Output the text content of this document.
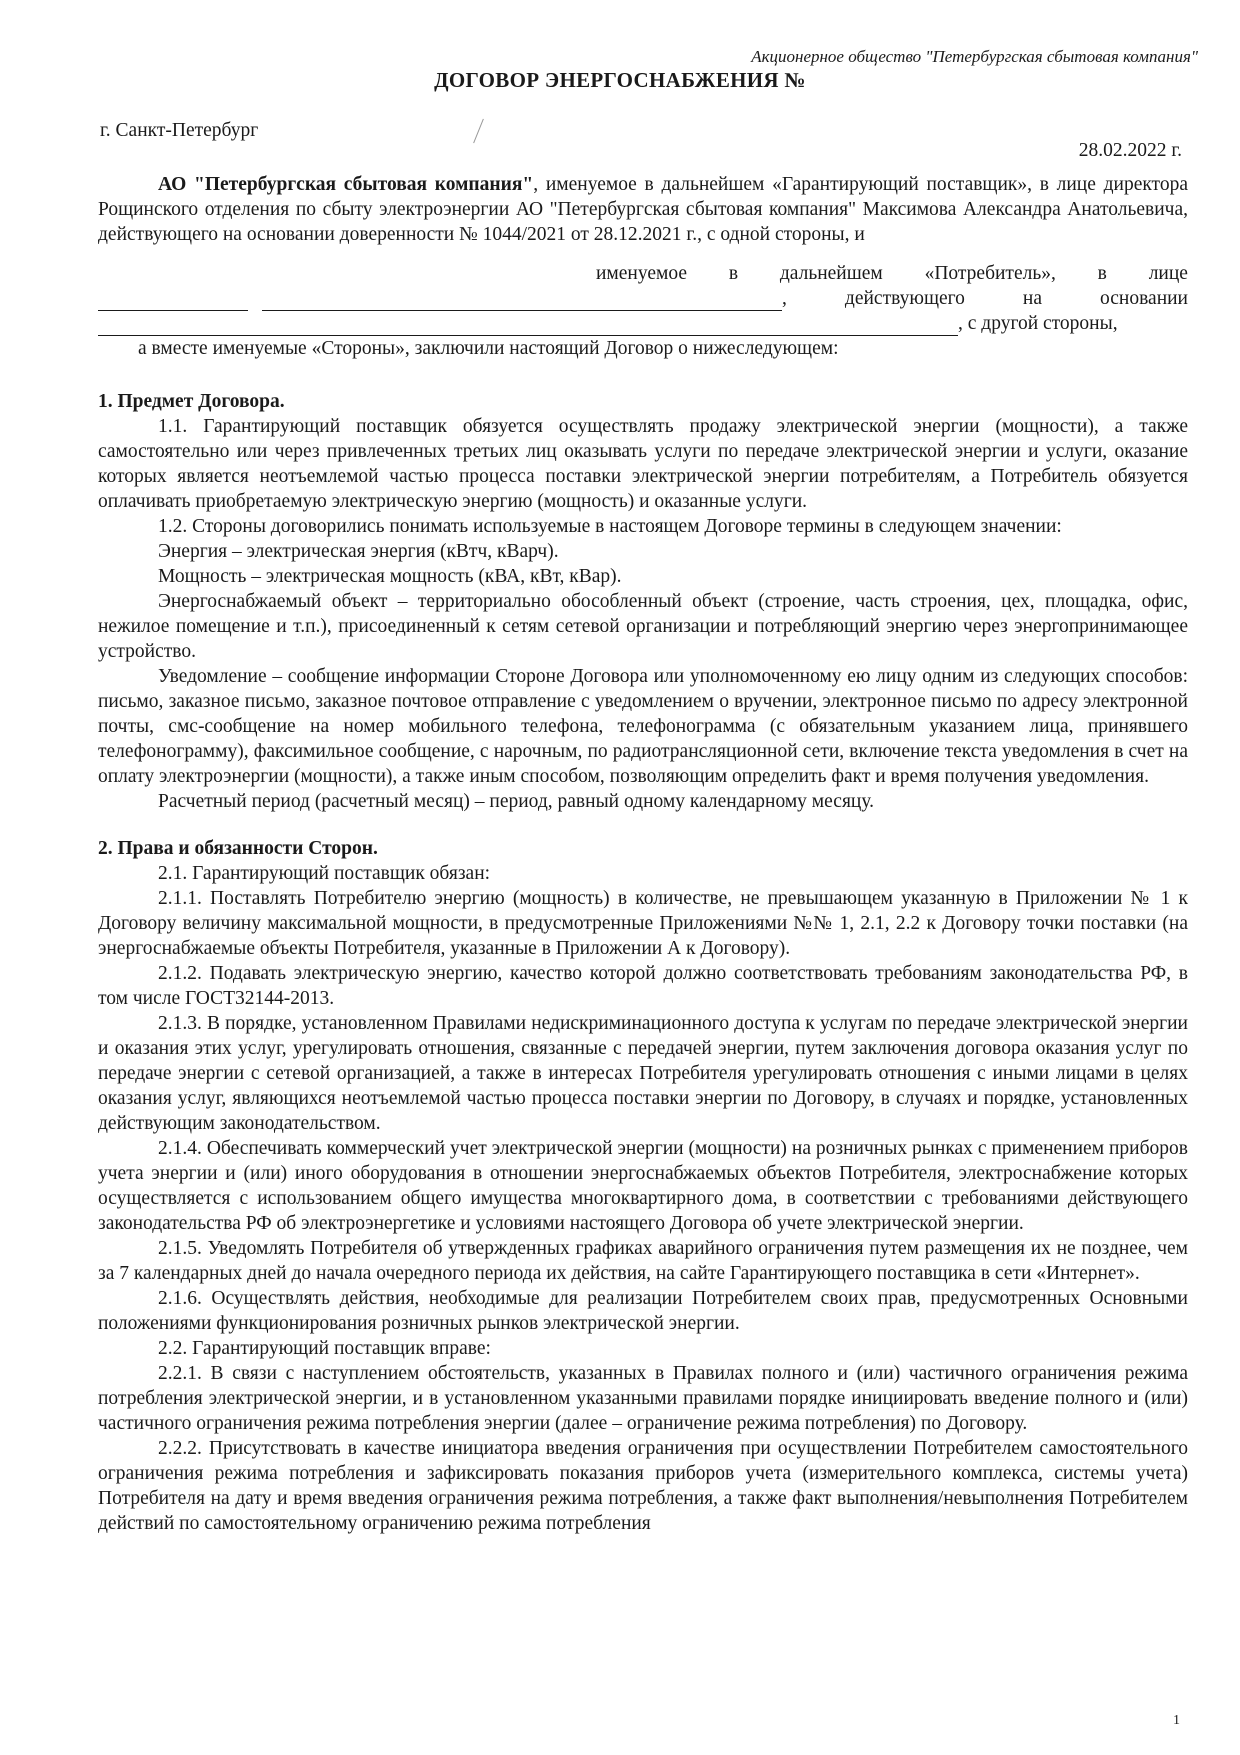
Акционерное общество "Петербургская сбытовая компания"
ДОГОВОР ЭНЕРГОСНАБЖЕНИЯ №
г. Санкт-Петербург
28.02.2022 г.

АО "Петербургская сбытовая компания", именуемое в дальнейшем «Гарантирующий поставщик», в лице директора Рощинского отделения по сбыту электроэнергии АО "Петербургская сбытовая компания" Максимова Александра Анатольевича, действующего на основании доверенности № 1044/2021 от 28.12.2021 г., с одной стороны, и

именуемое в дальнейшем «Потребитель», в лице
, действующего на основании
, с другой стороны,

а вместе именуемые «Стороны», заключили настоящий Договор о нижеследующем:

1. Предмет Договора.

1.1. Гарантирующий поставщик обязуется осуществлять продажу электрической энергии (мощности), а также самостоятельно или через привлеченных третьих лиц оказывать услуги по передаче электрической энергии и услуги, оказание которых является неотъемлемой частью процесса поставки электрической энергии потребителям, а Потребитель обязуется оплачивать приобретаемую электрическую энергию (мощность) и оказанные услуги.

1.2. Стороны договорились понимать используемые в настоящем Договоре термины в следующем значении:

Энергия – электрическая энергия (кВтч, кВарч).

Мощность – электрическая мощность (кВА, кВт, кВар).

Энергоснабжаемый объект – территориально обособленный объект (строение, часть строения, цех, площадка, офис, нежилое помещение и т.п.), присоединенный к сетям сетевой организации и потребляющий энергию через энергопринимающее устройство.

Уведомление – сообщение информации Стороне Договора или уполномоченному ею лицу одним из следующих способов: письмо, заказное письмо, заказное почтовое отправление с уведомлением о вручении, электронное письмо по адресу электронной почты, смс-сообщение на номер мобильного телефона, телефонограмма (с обязательным указанием лица, принявшего телефонограмму), факсимильное сообщение, с нарочным, по радиотрансляционной сети, включение текста уведомления в счет на оплату электроэнергии (мощности), а также иным способом, позволяющим определить факт и время получения уведомления.

Расчетный период (расчетный месяц) – период, равный одному календарному месяцу.

2. Права и обязанности Сторон.

2.1. Гарантирующий поставщик обязан:

2.1.1. Поставлять Потребителю энергию (мощность) в количестве, не превышающем указанную в Приложении № 1 к Договору величину максимальной мощности, в предусмотренные Приложениями №№ 1, 2.1, 2.2 к Договору точки поставки (на энергоснабжаемые объекты Потребителя, указанные в Приложении А к Договору).

2.1.2. Подавать электрическую энергию, качество которой должно соответствовать требованиям законодательства РФ, в том числе ГОСТ32144-2013.

2.1.3. В порядке, установленном Правилами недискриминационного доступа к услугам по передаче электрической энергии и оказания этих услуг, урегулировать отношения, связанные с передачей энергии, путем заключения договора оказания услуг по передаче энергии с сетевой организацией, а также в интересах Потребителя урегулировать отношения с иными лицами в целях оказания услуг, являющихся неотъемлемой частью процесса поставки энергии по Договору, в случаях и порядке, установленных действующим законодательством.

2.1.4. Обеспечивать коммерческий учет электрической энергии (мощности) на розничных рынках с применением приборов учета энергии и (или) иного оборудования в отношении энергоснабжаемых объектов Потребителя, электроснабжение которых осуществляется с использованием общего имущества многоквартирного дома, в соответствии с требованиями действующего законодательства РФ об электроэнергетике и условиями настоящего Договора об учете электрической энергии.

2.1.5. Уведомлять Потребителя об утвержденных графиках аварийного ограничения путем размещения их не позднее, чем за 7 календарных дней до начала очередного периода их действия, на сайте Гарантирующего поставщика в сети «Интернет».

2.1.6. Осуществлять действия, необходимые для реализации Потребителем своих прав, предусмотренных Основными положениями функционирования розничных рынков электрической энергии.

2.2. Гарантирующий поставщик вправе:

2.2.1. В связи с наступлением обстоятельств, указанных в Правилах полного и (или) частичного ограничения режима потребления электрической энергии, и в установленном указанными правилами порядке инициировать введение полного и (или) частичного ограничения режима потребления энергии (далее – ограничение режима потребления) по Договору.

2.2.2. Присутствовать в качестве инициатора введения ограничения при осуществлении Потребителем самостоятельного ограничения режима потребления и зафиксировать показания приборов учета (измерительного комплекса, системы учета) Потребителя на дату и время введения ограничения режима потребления, а также факт выполнения/невыполнения Потребителем действий по самостоятельному ограничению режима потребления

1
